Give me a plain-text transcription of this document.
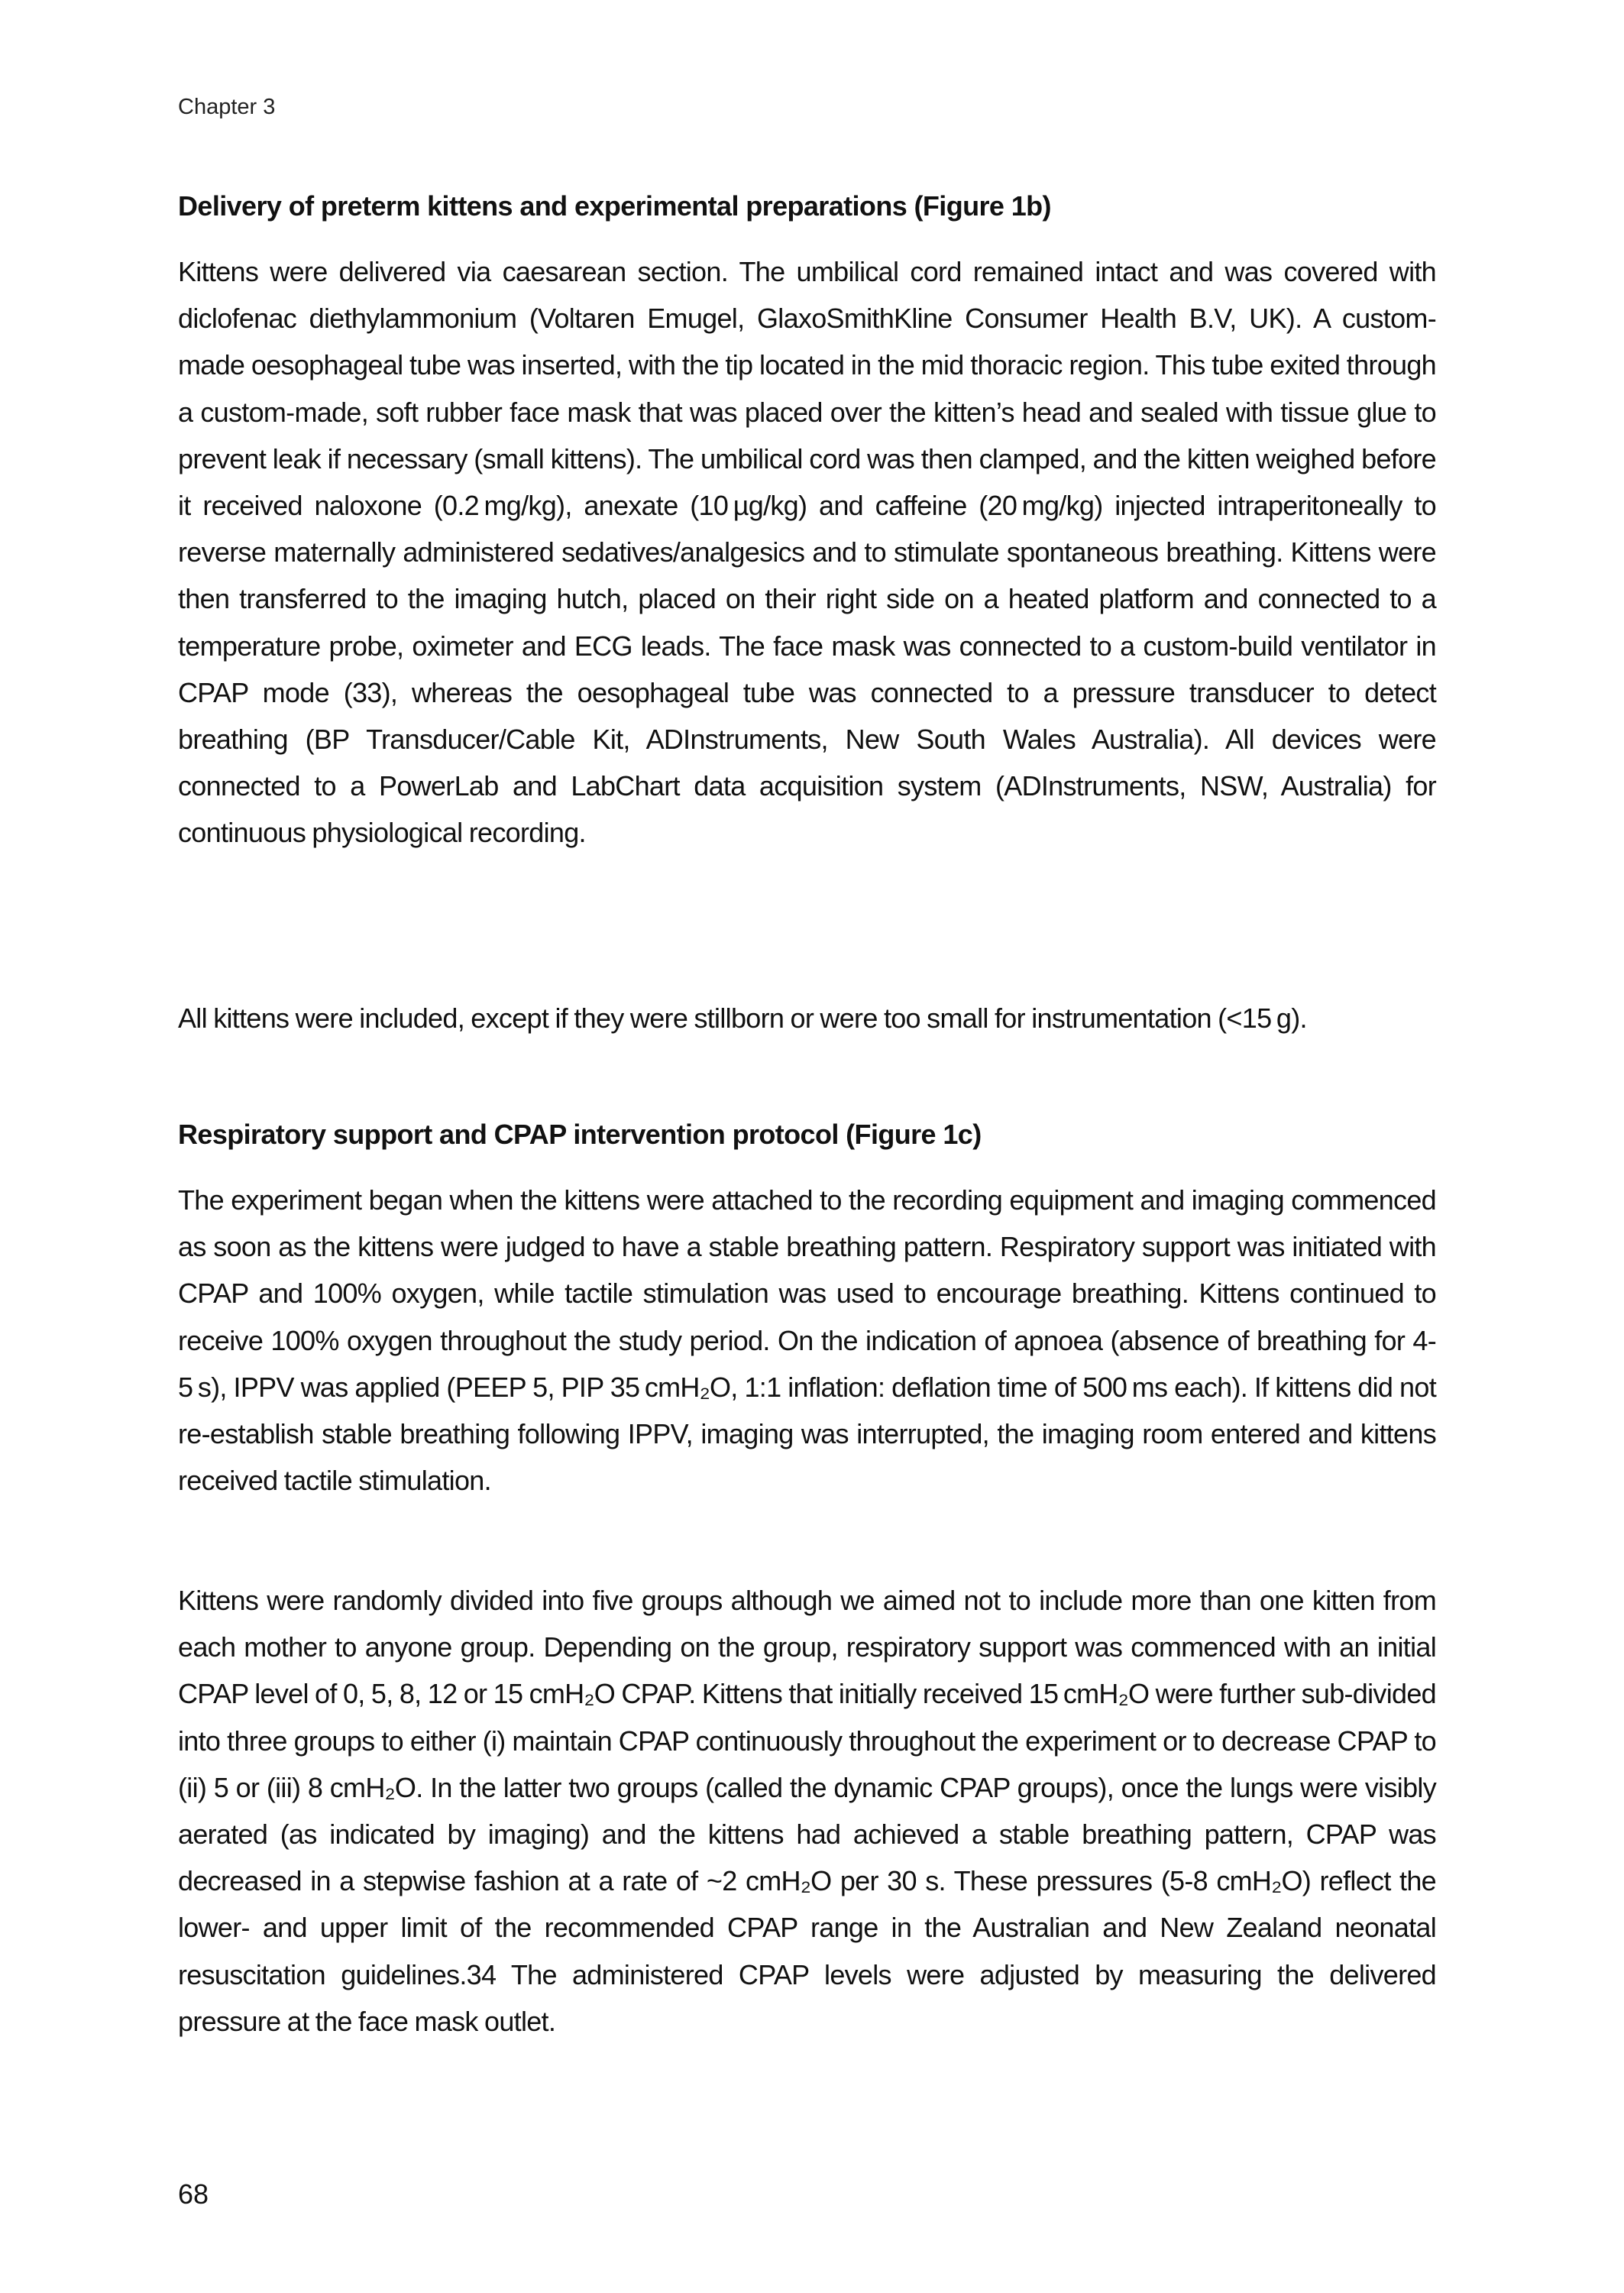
Chapter 3
Delivery of preterm kittens and experimental preparations (Figure 1b)

Kittens were delivered via caesarean section. The umbilical cord remained intact and was covered with diclofenac diethylammonium (Voltaren Emugel, GlaxoSmithKline Consumer Health B.V, UK). A custom-made oesophageal tube was inserted, with the tip located in the mid thoracic region. This tube exited through a custom-made, soft rubber face mask that was placed over the kitten’s head and sealed with tissue glue to prevent leak if necessary (small kittens). The umbilical cord was then clamped, and the kitten weighed before it received naloxone (0.2 mg/kg), anexate (10 µg/kg) and caffeine (20 mg/kg) injected intraperitoneally to reverse maternally administered sedatives/analgesics and to stimulate spontaneous breathing. Kittens were then transferred to the imaging hutch, placed on their right side on a heated platform and connected to a temperature probe, oximeter and ECG leads. The face mask was connected to a custom-build ventilator in CPAP mode (33), whereas the oesophageal tube was connected to a pressure transducer to detect breathing (BP Transducer/Cable Kit, ADInstruments, New South Wales Australia). All devices were connected to a PowerLab and LabChart data acquisition system (ADInstruments, NSW, Australia) for continuous physiological recording.

All kittens were included, except if they were stillborn or were too small for instrumentation (<15 g).

Respiratory support and CPAP intervention protocol (Figure 1c)

The experiment began when the kittens were attached to the recording equipment and imaging commenced as soon as the kittens were judged to have a stable breathing pattern. Respiratory support was initiated with CPAP and 100% oxygen, while tactile stimulation was used to encourage breathing. Kittens continued to receive 100% oxygen throughout the study period. On the indication of apnoea (absence of breathing for 4-5 s), IPPV was applied (PEEP 5, PIP 35 cmH₂O, 1:1 inflation: deflation time of 500 ms each). If kittens did not re-establish stable breathing following IPPV, imaging was interrupted, the imaging room entered and kittens received tactile stimulation.

Kittens were randomly divided into five groups although we aimed not to include more than one kitten from each mother to anyone group. Depending on the group, respiratory support was commenced with an initial CPAP level of 0, 5, 8, 12 or 15 cmH₂O CPAP. Kittens that initially received 15 cmH₂O were further sub-divided into three groups to either (i) maintain CPAP continuously throughout the experiment or to decrease CPAP to (ii) 5 or (iii) 8 cmH₂O. In the latter two groups (called the dynamic CPAP groups), once the lungs were visibly aerated (as indicated by imaging) and the kittens had achieved a stable breathing pattern, CPAP was decreased in a stepwise fashion at a rate of ~2 cmH₂O per 30 s. These pressures (5-8 cmH₂O) reflect the lower- and upper limit of the recommended CPAP range in the Australian and New Zealand neonatal resuscitation guidelines.34 The administered CPAP levels were adjusted by measuring the delivered pressure at the face mask outlet.

68
